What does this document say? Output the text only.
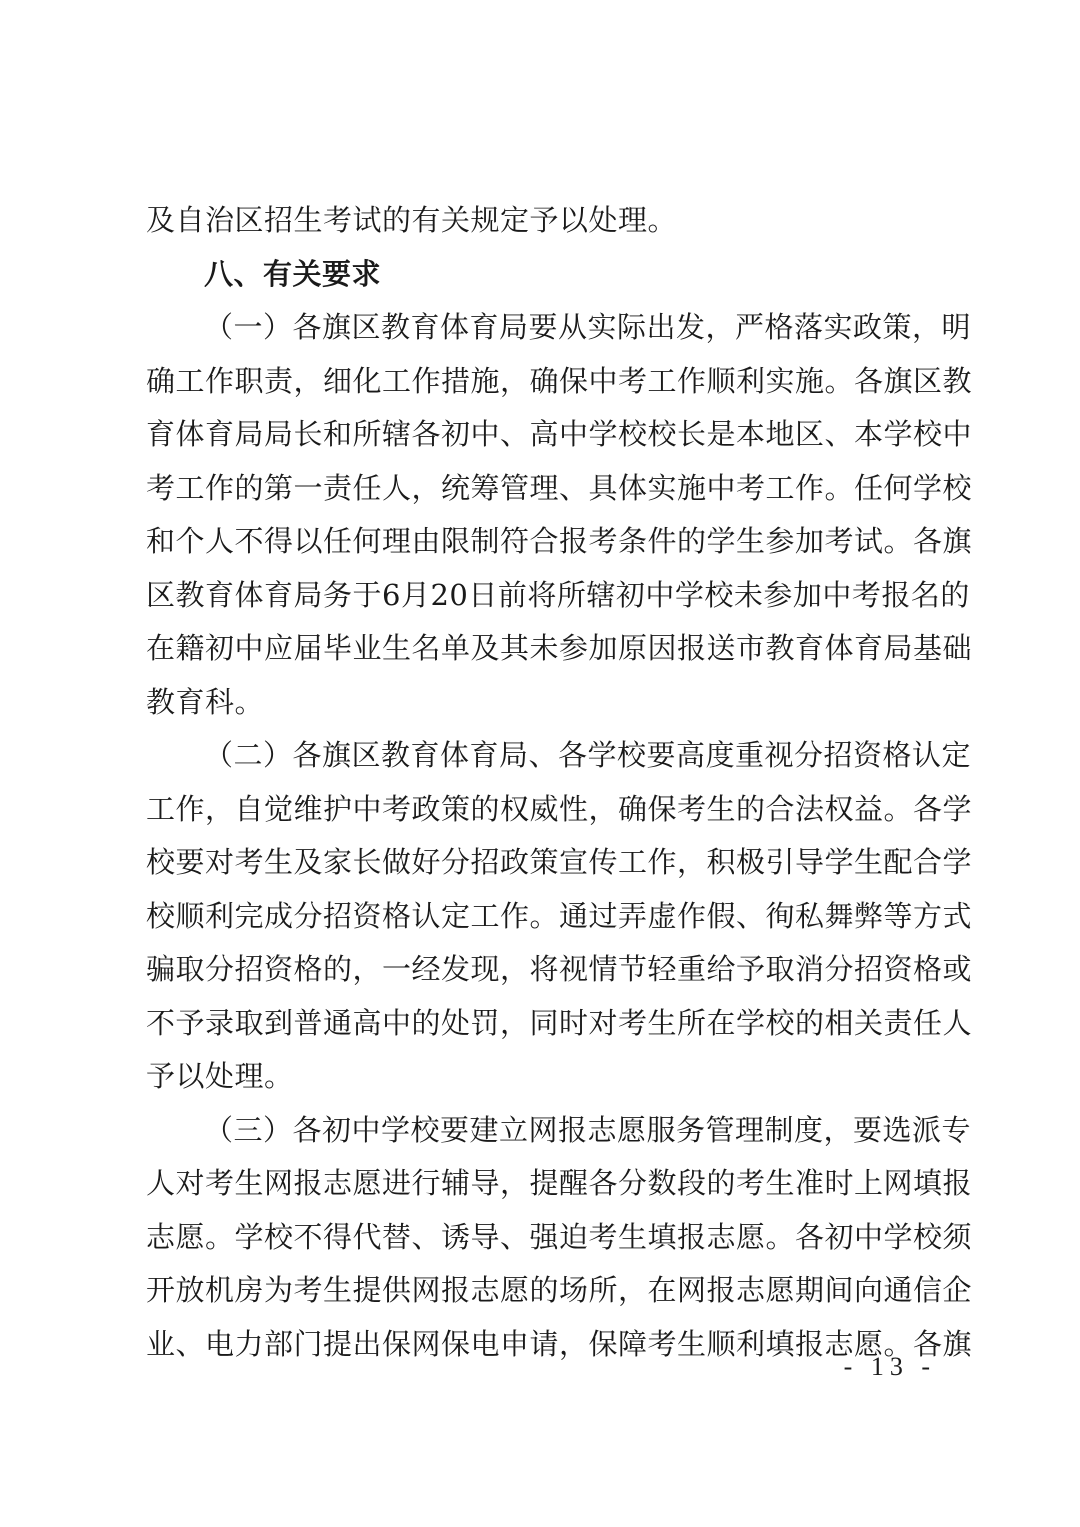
及自治区招生考试的有关规定予以处理。
八、有关要求
（一）各旗区教育体育局要从实际出发，严格落实政策，明
确工作职责，细化工作措施，确保中考工作顺利实施。各旗区教
育体育局局长和所辖各初中、高中学校校长是本地区、本学校中
考工作的第一责任人，统筹管理、具体实施中考工作。任何学校
和个人不得以任何理由限制符合报考条件的学生参加考试。各旗
区教育体育局务于6月20日前将所辖初中学校未参加中考报名的
在籍初中应届毕业生名单及其未参加原因报送市教育体育局基础
教育科。
（二）各旗区教育体育局、各学校要高度重视分招资格认定
工作，自觉维护中考政策的权威性，确保考生的合法权益。各学
校要对考生及家长做好分招政策宣传工作，积极引导学生配合学
校顺利完成分招资格认定工作。通过弄虚作假、徇私舞弊等方式
骗取分招资格的，一经发现，将视情节轻重给予取消分招资格或
不予录取到普通高中的处罚，同时对考生所在学校的相关责任人
予以处理。
（三）各初中学校要建立网报志愿服务管理制度，要选派专
人对考生网报志愿进行辅导，提醒各分数段的考生准时上网填报
志愿。学校不得代替、诱导、强迫考生填报志愿。各初中学校须
开放机房为考生提供网报志愿的场所，在网报志愿期间向通信企
业、电力部门提出保网保电申请，保障考生顺利填报志愿。各旗
- 13 -
